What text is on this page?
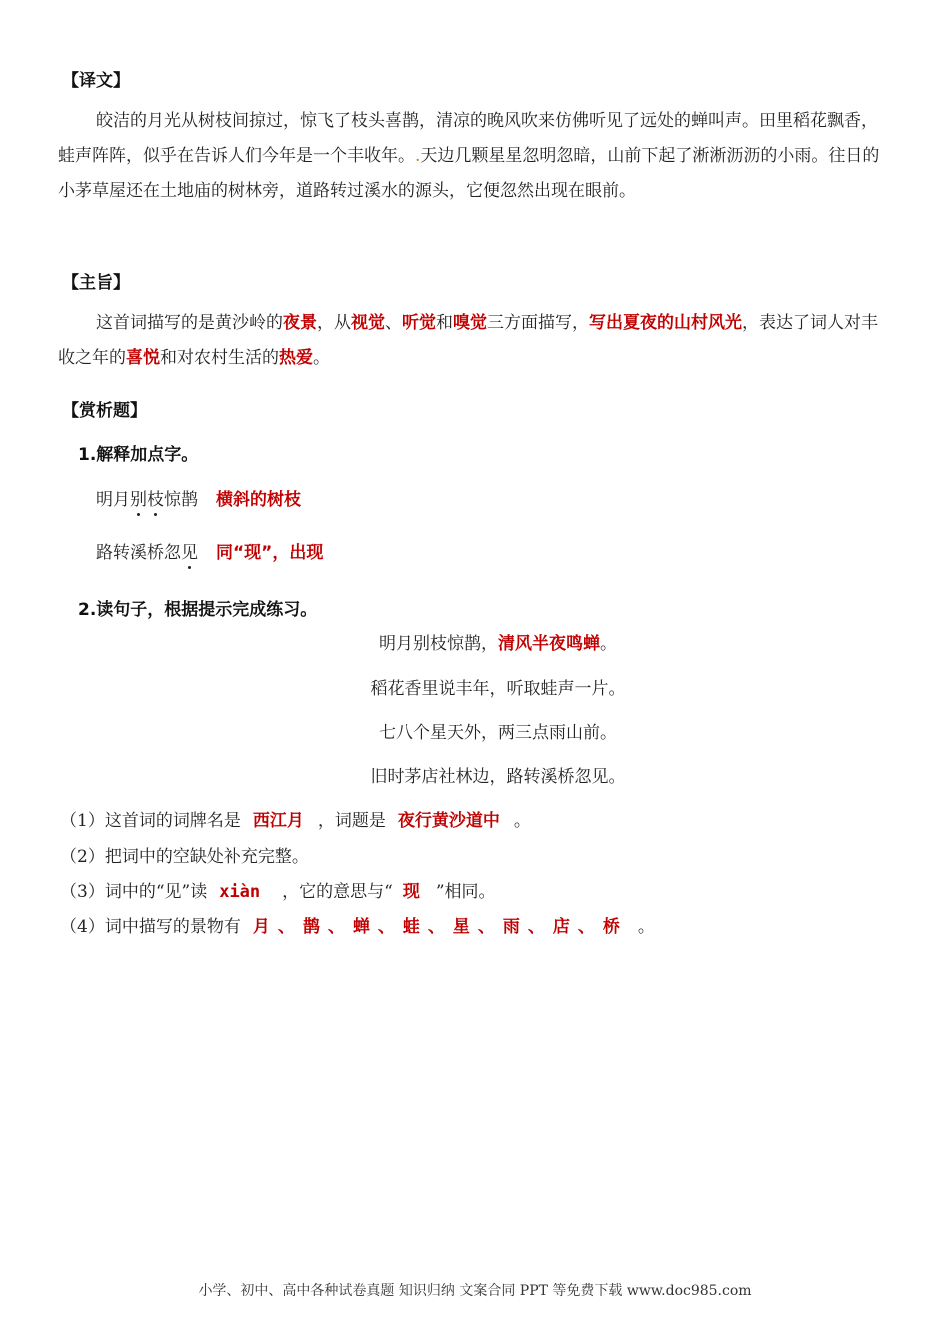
【译文】
皎洁的月光从树枝间掠过，惊飞了枝头喜鹊，清凉的晚风吹来仿佛听见了远处的蝉叫声。田里稻花飘香，蛙声阵阵，似乎在告诉人们今年是一个丰收年。.天边几颗星星忽明忽暗，山前下起了淅淅沥沥的小雨。往日的小茅草屋还在土地庙的树林旁，道路转过溪水的源头，它便忽然出现在眼前。
【主旨】
这首词描写的是黄沙岭的夜景，从视觉、听觉和嗅觉三方面描写，写出夏夜的山村风光，表达了词人对丰收之年的喜悦和对农村生活的热爱。
【赏析题】
1.解释加点字。
明月别枝惊鹊 横斜的树枝
路转溪桥忽见 同“现”，出现
2.读句子，根据提示完成练习。
明月别枝惊鹊，清风半夜鸣蝉。
稻花香里说丰年，听取蛙声一片。
七八个星天外，两三点雨山前。
旧时茅店社林边，路转溪桥忽见。
（1）这首词的词牌名是 西江月 ，词题是 夜行黄沙道中 。
（2）把词中的空缺处补充完整。
（3）词中的“见”读 xiàn ，它的意思与“ 现 ”相同。
（4）词中描写的景物有 月 、 鹊 、 蝉 、 蛙 、 星 、 雨 、 店 、 桥 。
小学、初中、高中各种试卷真题 知识归纳 文案合同 PPT 等免费下载 www.doc985.com
